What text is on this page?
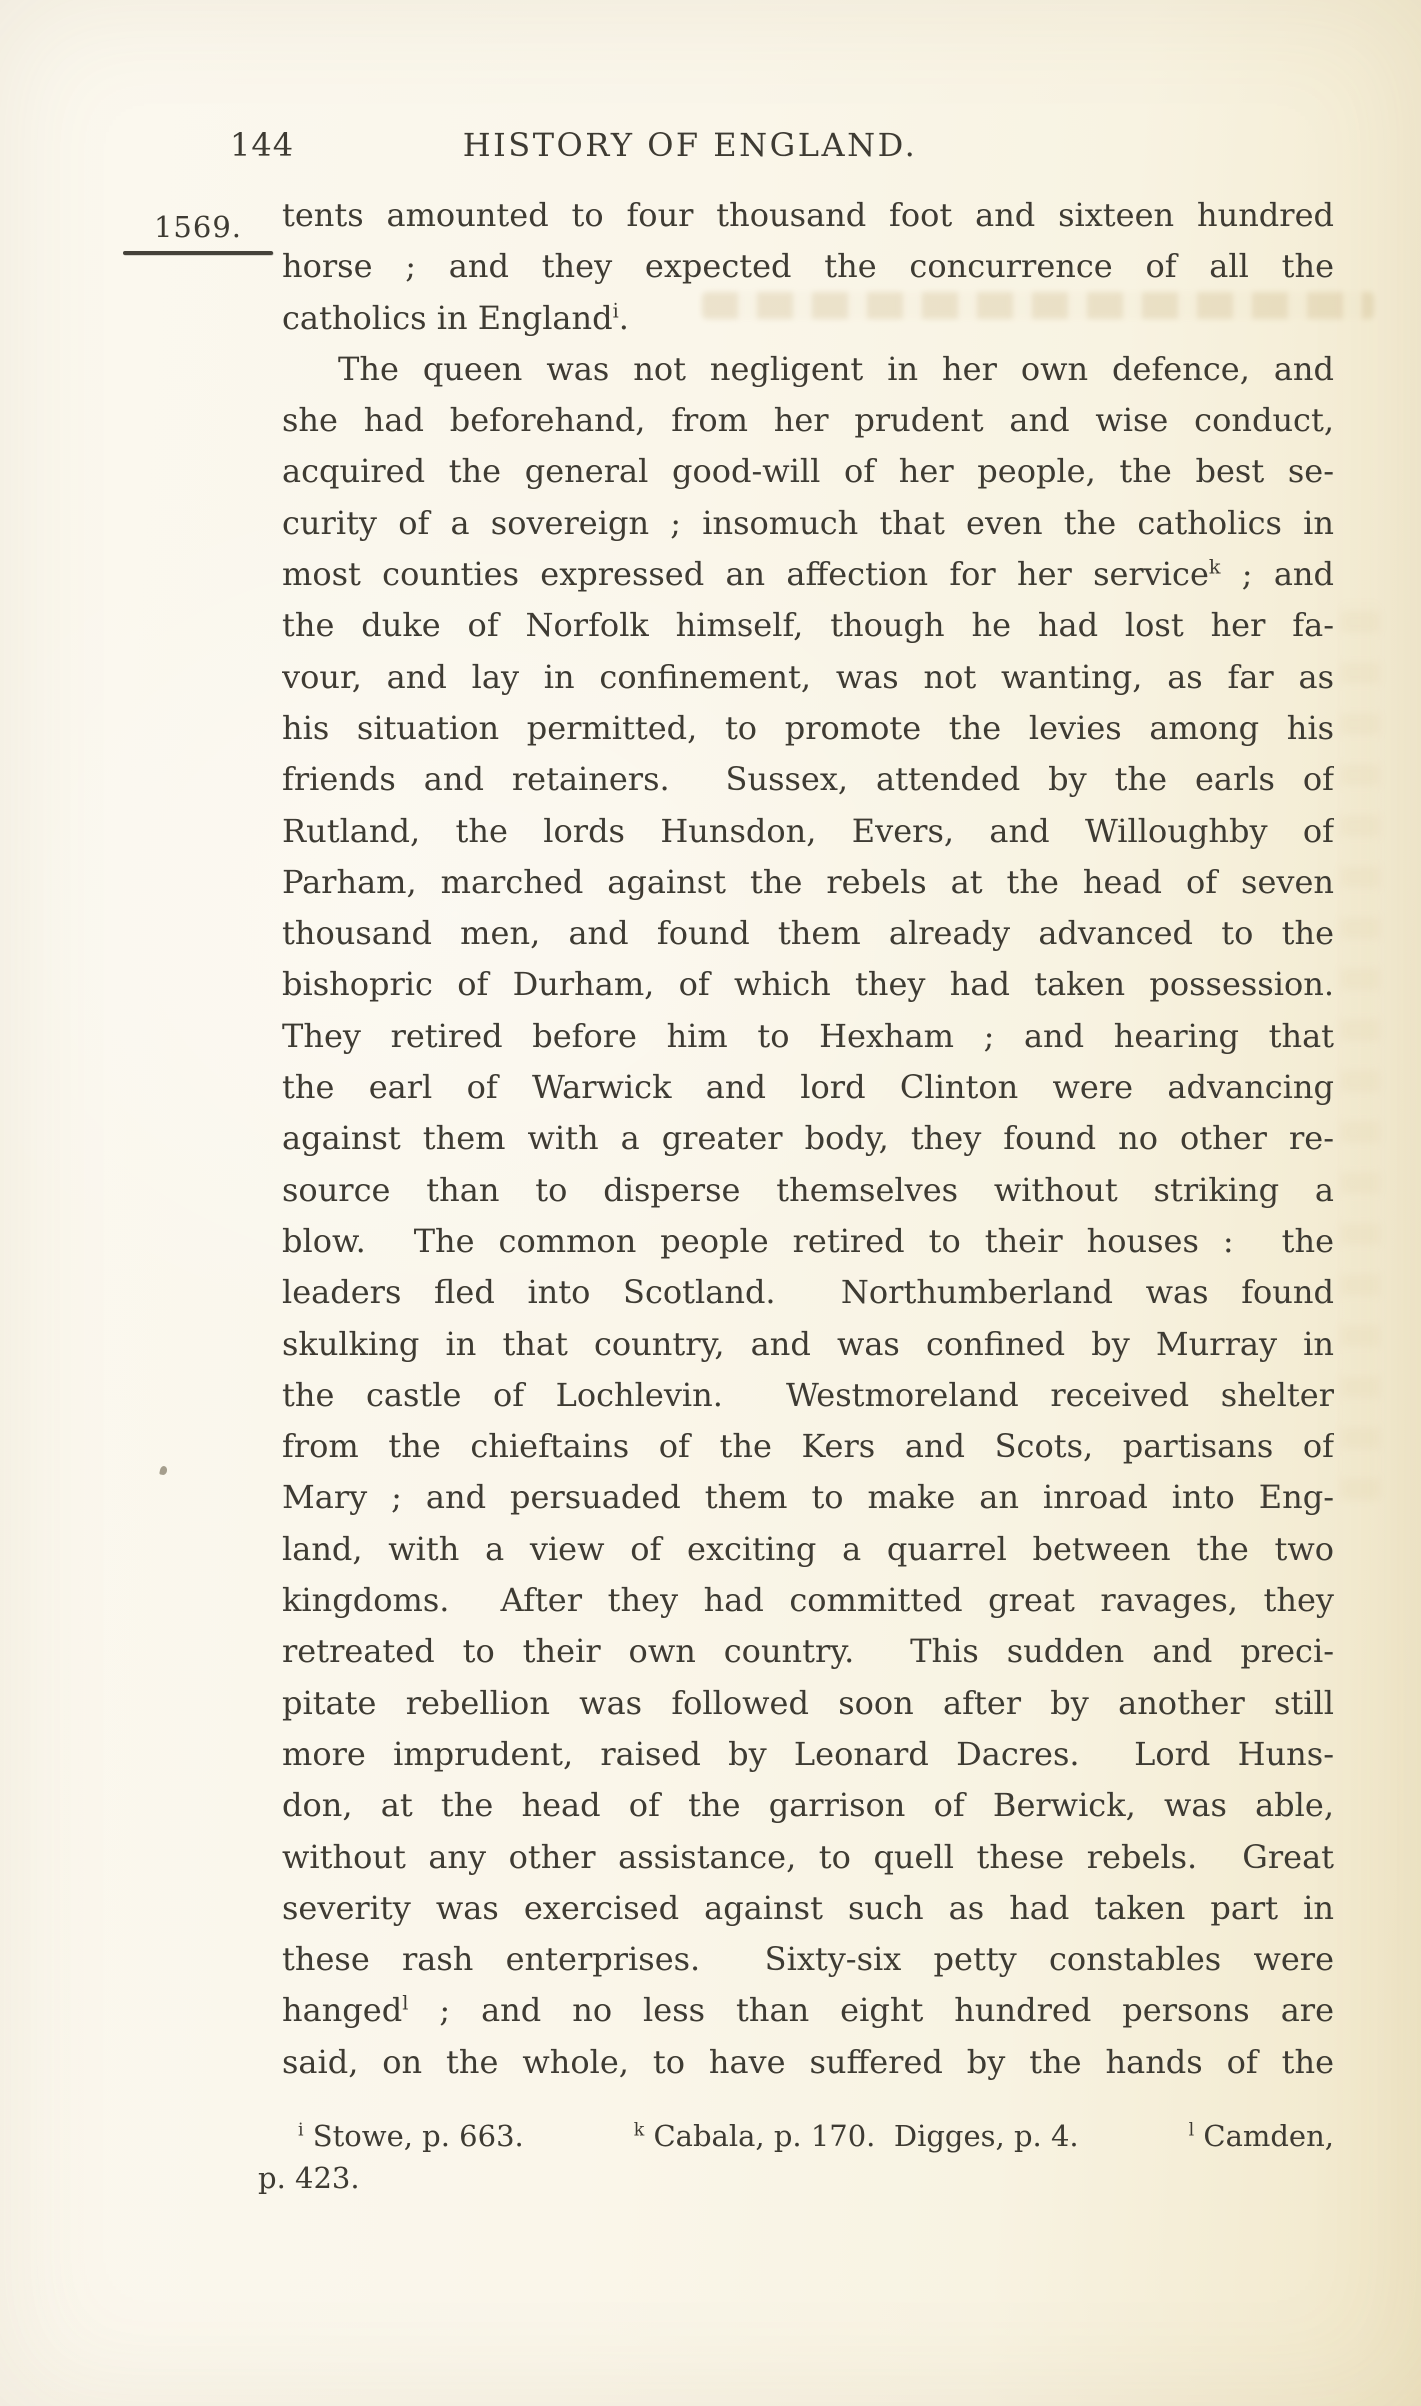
144	HISTORY OF ENGLAND.
1569.	tents amounted to four thousand foot and sixteen hundred
horse ; and they expected the concurrence of all the
catholics in England$^i$.
The queen was not negligent in her own defence, and
she had beforehand, from her prudent and wise conduct,
acquired the general good-will of her people, the best se-
curity of a sovereign ; insomuch that even the catholics in
most counties expressed an affection for her service$^k$ ; and
the duke of Norfolk himself, though he had lost her fa-
vour, and lay in confinement, was not wanting, as far as
his situation permitted, to promote the levies among his
friends and retainers.  Sussex, attended by the earls of
Rutland, the lords Hunsdon, Evers, and Willoughby of
Parham, marched against the rebels at the head of seven
thousand men, and found them already advanced to the
bishopric of Durham, of which they had taken possession.
They retired before him to Hexham ; and hearing that
the earl of Warwick and lord Clinton were advancing
against them with a greater body, they found no other re-
source than to disperse themselves without striking a
blow.  The common people retired to their houses :  the
leaders fled into Scotland.  Northumberland was found
skulking in that country, and was confined by Murray in
the castle of Lochlevin.  Westmoreland received shelter
from the chieftains of the Kers and Scots, partisans of
Mary ; and persuaded them to make an inroad into Eng-
land, with a view of exciting a quarrel between the two
kingdoms.  After they had committed great ravages, they
retreated to their own country.  This sudden and preci-
pitate rebellion was followed soon after by another still
more imprudent, raised by Leonard Dacres.  Lord Huns-
don, at the head of the garrison of Berwick, was able,
without any other assistance, to quell these rebels.  Great
severity was exercised against such as had taken part in
these rash enterprises.  Sixty-six petty constables were
hanged$^l$ ; and no less than eight hundred persons are
said, on the whole, to have suffered by the hands of the
$^i$ Stowe, p. 663.	$^k$ Cabala, p. 170.  Digges, p. 4.	$^l$ Camden,
p. 423.
